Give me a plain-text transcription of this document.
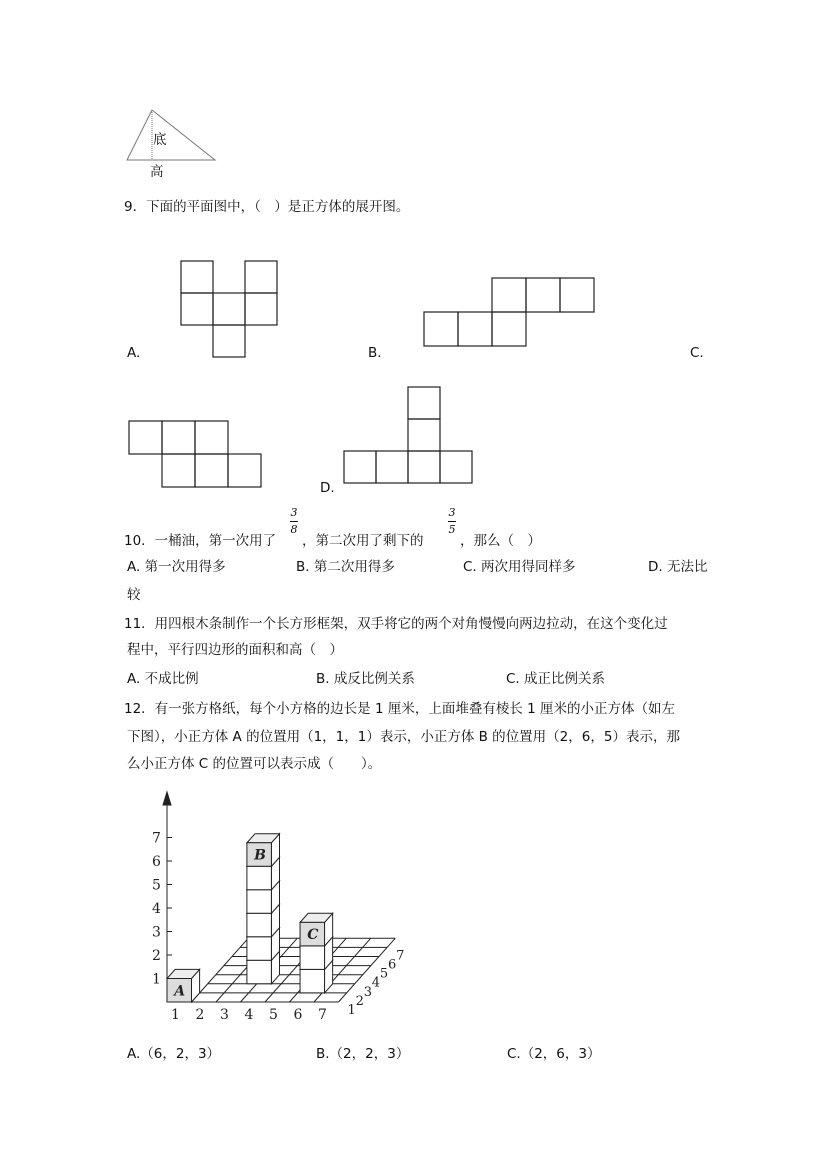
1
2
3
4
5
6
7
1 2 3 4 5 6 7 1
2
3
4
5
6
7
B
C
A
底
高
9．下面的平面图中，（　）是正方体的展开图。
A.	B.	C.
D.
10．一桶油，第一次用了
3
8
，第二次用了剩下的
3
5
，那么（　）
A. 第一次用得多	B. 第二次用得多	C. 两次用得同样多	D. 无法比
较
11．用四根木条制作一个长方形框架，双手将它的两个对角慢慢向两边拉动，在这个变化过
程中，平行四边形的面积和高（　）
A. 不成比例	B. 成反比例关系	C. 成正比例关系
12．有一张方格纸，每个小方格的边长是 1 厘米，上面堆叠有棱长 1 厘米的小正方体（如左
下图），小正方体 A 的位置用（1，1，1）表示，小正方体 B 的位置用（2，6，5）表示，那
么小正方体 C 的位置可以表示成（　　）。
A.（6，2，3）	B.（2，2，3）	C.（2，6，3）
